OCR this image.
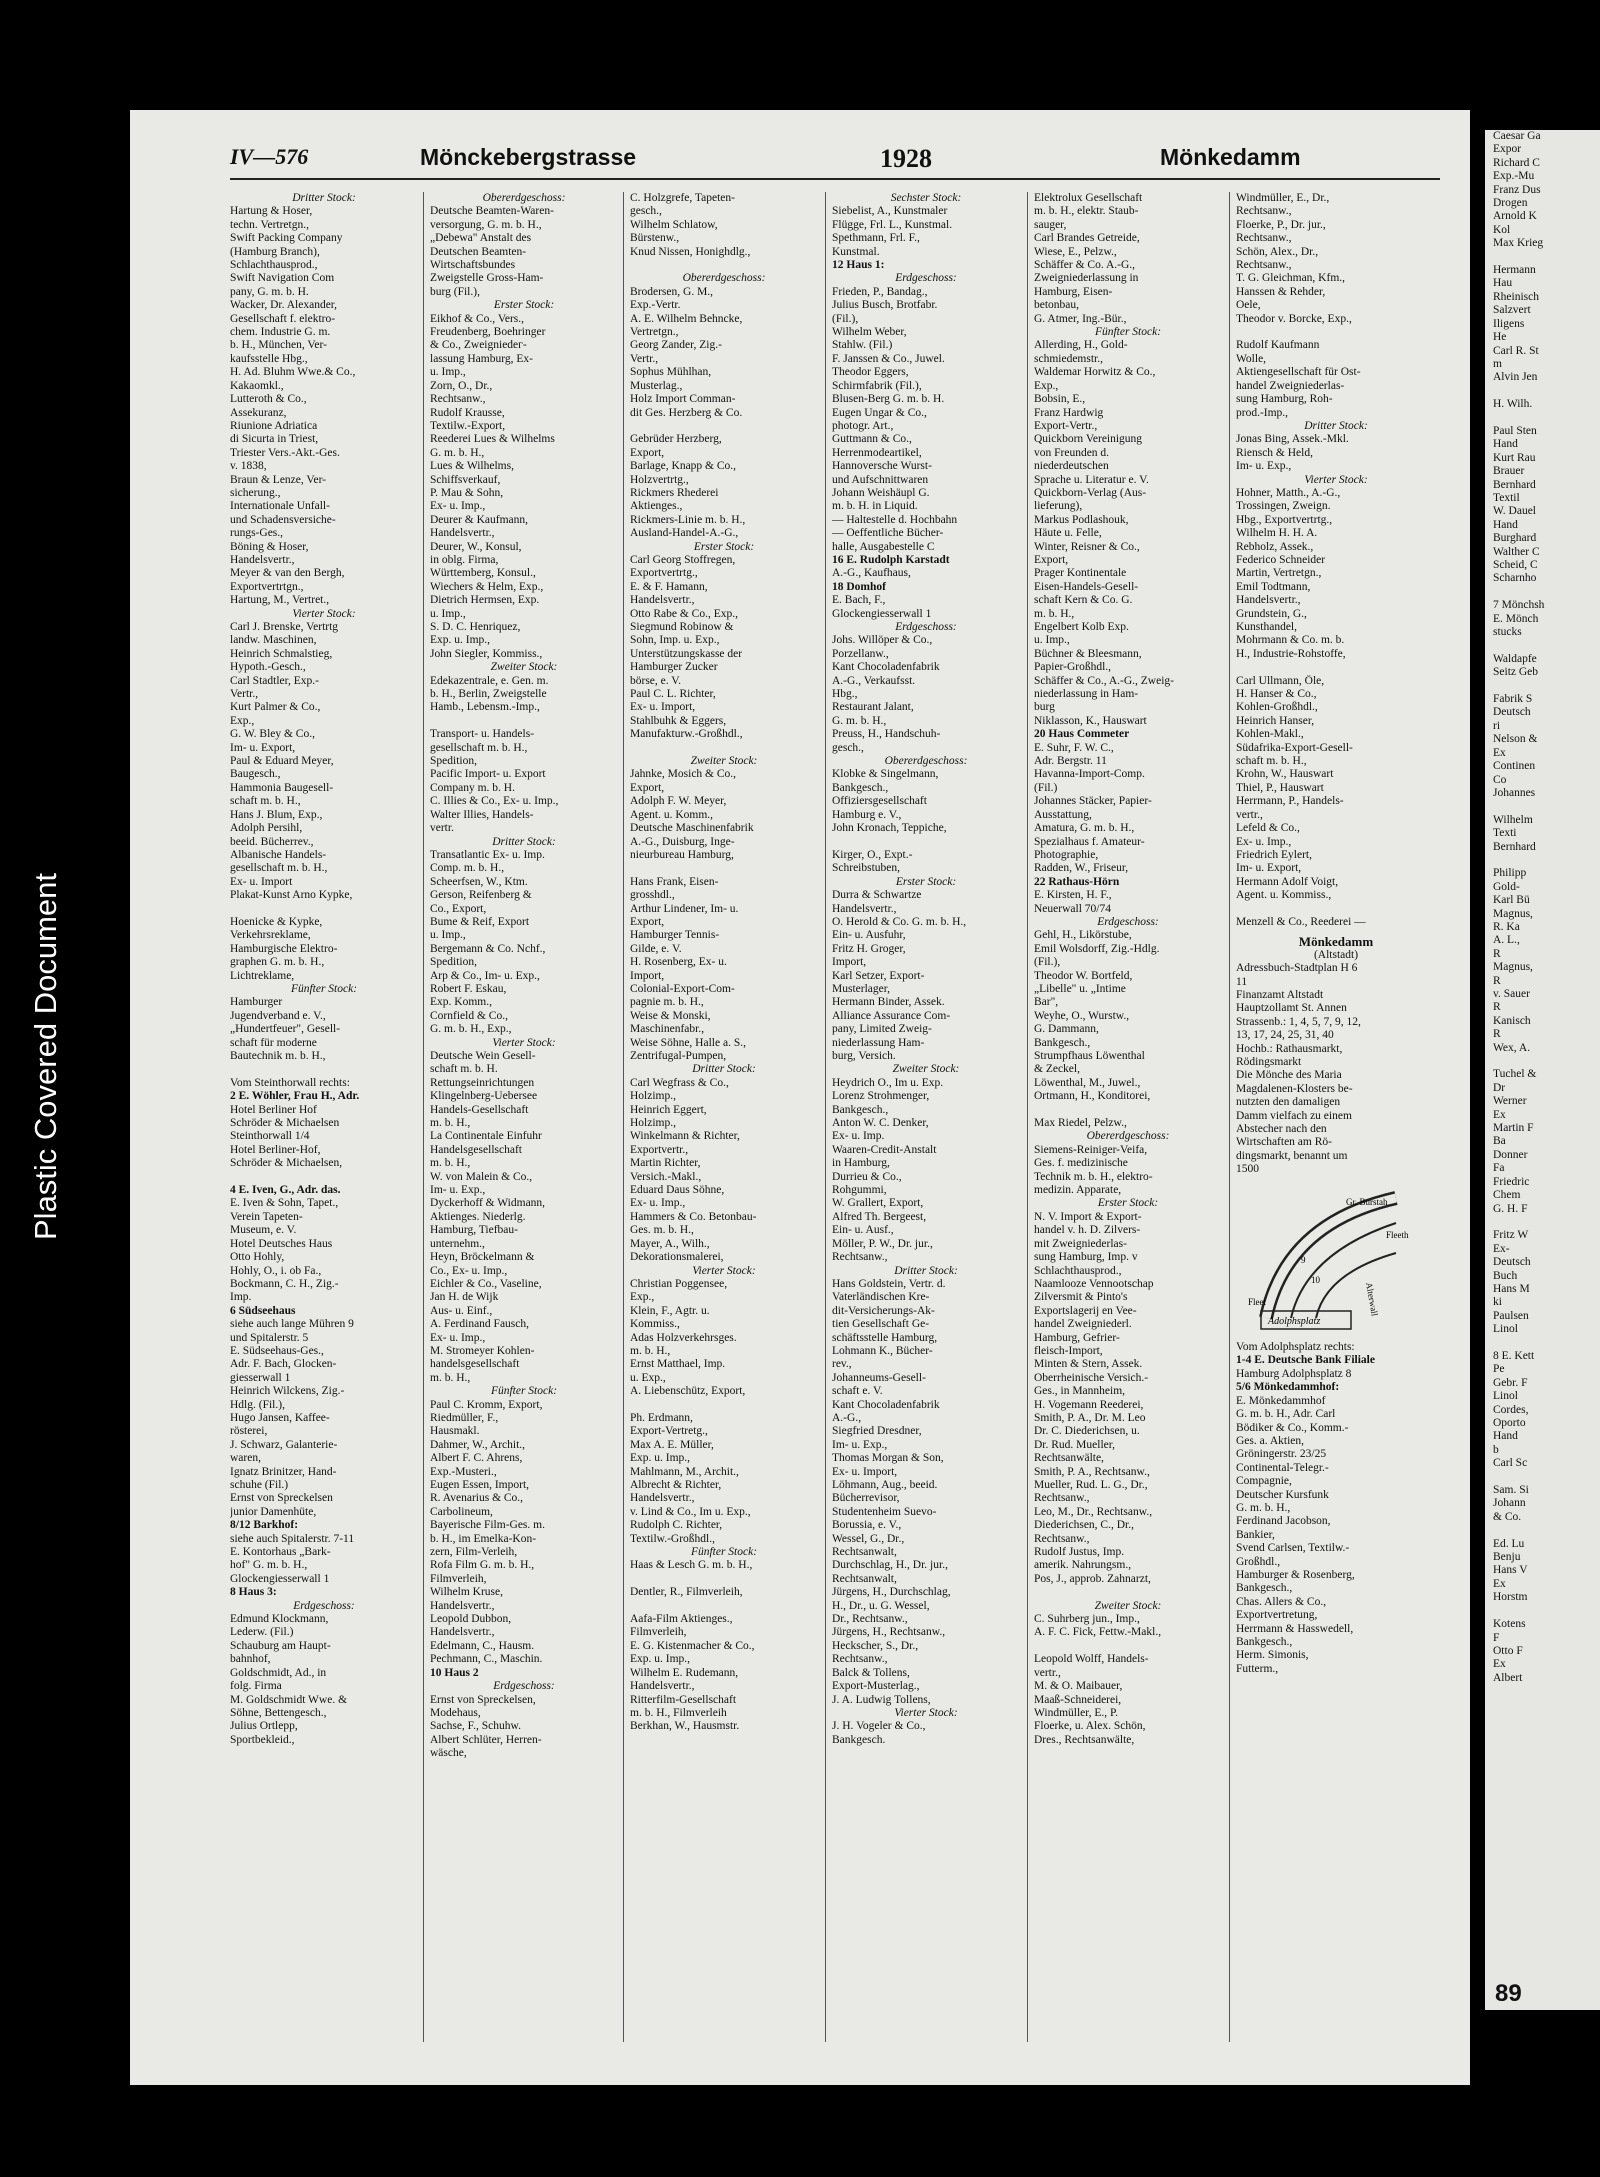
Plastic Covered Document
IV—576	Mönckebergstrasse	1928	Mönkedamm
Dritter Stock:
Hartung & Hoser,
techn. Vertretgn.,
Swift Packing Company
(Hamburg Branch),
Schlachthausprod.,
Swift Navigation Com
pany, G. m. b. H.
Wacker, Dr. Alexander,
Gesellschaft f. elektro-
chem. Industrie G. m.
b. H., München, Ver-
kaufsstelle Hbg.,
H. Ad. Bluhm Wwe.& Co.,
Kakaomkl.,
Lutteroth & Co.,
Assekuranz,
Riunione Adriatica
di Sicurta in Triest,
Triester Vers.-Akt.-Ges.
v. 1838,
Braun & Lenze, Ver-
sicherung.,
Internationale Unfall-
und Schadensversiche-
rungs-Ges.,
Böning & Hoser,
Handelsvertr.,
Meyer & van den Bergh,
Exportvertrtgn.,
Hartung, M., Vertret.,
Vierter Stock:
Carl J. Brenske, Vertrtg
landw. Maschinen,
Heinrich Schmalstieg,
Hypoth.-Gesch.,
Carl Stadtler, Exp.-
Vertr.,
Kurt Palmer & Co.,
Exp.,
G. W. Bley & Co.,
Im- u. Export,
Paul & Eduard Meyer,
Baugesch.,
Hammonia Baugesell-
schaft m. b. H.,
Hans J. Blum, Exp.,
Adolph Persihl,
beeid. Bücherrev.,
Albanische Handels-
gesellschaft m. b. H.,
Ex- u. Import
Plakat-Kunst Arno Kypke,

Hoenicke & Kypke,
Verkehrsreklame,
Hamburgische Elektro-
graphen G. m. b. H.,
Lichtreklame,
Fünfter Stock:
Hamburger
Jugendverband e. V.,
„Hundertfeuer", Gesell-
schaft für moderne
Bautechnik m. b. H.,

Vom Steinthorwall rechts:
2 E. Wöhler, Frau H., Adr.
Hotel Berliner Hof
Schröder & Michaelsen
Steinthorwall 1/4
Hotel Berliner-Hof,
Schröder & Michaelsen,

4 E. Iven, G., Adr. das.
E. Iven & Sohn, Tapet.,
Verein Tapeten-
Museum, e. V.
Hotel Deutsches Haus
Otto Hohly,
Hohly, O., i. ob Fa.,
Bockmann, C. H., Zig.-
Imp.
6 Südseehaus
siehe auch lange Mühren 9
und Spitalerstr. 5
E. Südseehaus-Ges.,
Adr. F. Bach, Glocken-
giesserwall 1
Heinrich Wilckens, Zig.-
Hdlg. (Fil.),
Hugo Jansen, Kaffee-
rösterei,
J. Schwarz, Galanterie-
waren,
Ignatz Brinitzer, Hand-
schuhe (Fil.)
Ernst von Spreckelsen
junior Damenhüte,
8/12 Barkhof:
siehe auch Spitalerstr. 7-11
E. Kontorhaus „Bark-
hof" G. m. b. H.,
Glockengiesserwall 1
8 Haus 3:
Erdgeschoss:
Edmund Klockmann,
Lederw. (Fil.)
Schauburg am Haupt-
bahnhof,
Goldschmidt, Ad., in
folg. Firma
M. Goldschmidt Wwe. &
Söhne, Bettengesch.,
Julius Ortlepp,
Sportbekleid.,
Obererdgeschoss:
Deutsche Beamten-Waren-
versorgung, G. m. b. H.,
„Debewa" Anstalt des
Deutschen Beamten-
Wirtschaftsbundes
Zweigstelle Gross-Ham-
burg (Fil.),
Erster Stock:
Eikhof & Co., Vers.,
Freudenberg, Boehringer
& Co., Zweigniedег-
lassung Hamburg, Ex-
u. Imp.,
Zorn, O., Dr.,
Rechtsanw.,
Rudolf Krausse,
Textilw.-Export,
Reederei Lues & Wilhelms
G. m. b. H.,
Lues & Wilhelms,
Schiffsverkauf,
P. Mau & Sohn,
Ex- u. Imp.,
Deurer & Kaufmann,
Handelsvertr.,
Deurer, W., Konsul,
in oblg. Firma,
Württemberg, Konsul.,
Wiechers & Helm, Exp.,
Dietrich Hermsen, Exp.
u. Imp.,
S. D. C. Henriquez,
Exp. u. Imp.,
John Siegler, Kommiss.,
Zweiter Stock:
Edekazentrale, e. Gen. m.
b. H., Berlin, Zweigstelle
Hamb., Lebensm.-Imp.,

Transport- u. Handels-
gesellschaft m. b. H.,
Spedition,
Pacific Import- u. Export
Company m. b. H.
C. Illies & Co., Ex- u. Imp.,
Walter Illies, Handels-
vertr.
Dritter Stock:
Transatlantic Ex- u. Imp.
Comp. m. b. H.,
Scheerfsen, W., Ktm.
Gerson, Reifenberg &
Co., Export,
Bume & Reif, Export
u. Imp.,
Bergemann & Co. Nchf.,
Spedition,
Arp & Co., Im- u. Exp.,
Robert F. Eskau,
Exp. Komm.,
Cornfield & Co.,
G. m. b. H., Exp.,
Vierter Stock:
Deutsche Wein Gesell-
schaft m. b. H.
Rettungseinrichtungen
Klingelnberg-Uebersee
Handels-Gesellschaft
m. b. H.,
La Continentale Einfuhr
Handelsgesellschaft
m. b. H.,
W. von Malein & Co.,
Im- u. Exp.,
Dyckerhoff & Widmann,
Aktienges. Niederlg.
Hamburg, Tiefbau-
unternehm.,
Heyn, Bröckelmann &
Co., Ex- u. Imp.,
Eichler & Co., Vaseline,
Jan H. de Wijk
Aus- u. Einf.,
A. Ferdinand Fausch,
Ex- u. Imp.,
M. Stromeyer Kohlen-
handelsgesellschaft
m. b. H.,
Fünfter Stock:
Paul C. Kromm, Export,
Riedmüller, F.,
Hausmakl.
Dahmer, W., Archit.,
Albert F. C. Ahrens,
Exp.-Musteri.,
Eugen Essen, Import,
R. Avenarius & Co.,
Carbolineum,
Bayerische Film-Ges. m.
b. H., im Emelka-Kon-
zern, Film-Verleih,
Rofa Film G. m. b. H.,
Filmverleih,
Wilhelm Kruse,
Handelsvertr.,
Leopold Dubbon,
Handelsvertr.,
Edelmann, C., Hausm.
Pechmann, C., Maschin.
10 Haus 2
Erdgeschoss:
Ernst von Spreckelsen,
Modehaus,
Sachse, F., Schuhw.
Albert Schlüter, Herren-
wäsche,
C. Holzgrefe, Tapeten-
gesch.,
Wilhelm Schlatow,
Bürstenw.,
Knud Nissen, Honighdlg.,

Obererdgeschoss:
Brodersen, G. M.,
Exp.-Vertr.
A. E. Wilhelm Behncke,
Vertretgn.,
Georg Zander, Zig.-
Vertr.,
Sophus Mühlhan,
Musterlag.,
Holz Import Comman-
dit Ges. Herzberg & Co.

Gebrüder Herzberg,
Export,
Barlage, Knapp & Co.,
Holzvertrtg.,
Rickmers Rhederei
Aktienges.,
Rickmers-Linie m. b. H.,
Ausland-Handel-A.-G.,
Erster Stock:
Carl Georg Stoffregen,
Exportvertrtg.,
E. & F. Hamann,
Handelsvertr.,
Otto Rabe & Co., Exp.,
Siegmund Robinow &
Sohn, Imp. u. Exp.,
Unterstützungskasse der
Hamburger Zucker
börse, e. V.
Paul C. L. Richter,
Ex- u. Import,
Stahlbuhk & Eggers,
Manufakturw.-Großhdl.,

Zweiter Stock:
Jahnke, Mosich & Co.,
Export,
Adolph F. W. Meyer,
Agent. u. Komm.,
Deutsche Maschinenfabrik
A.-G., Duisburg, Inge-
nieurbureau Hamburg,

Hans Frank, Eisen-
grosshdl.,
Arthur Lindener, Im- u.
Export,
Hamburger Tennis-
Gilde, e. V.
H. Rosenberg, Ex- u.
Import,
Colonial-Export-Com-
pagnie m. b. H.,
Weise & Monski,
Maschinenfabr.,
Weise Söhne, Halle a. S.,
Zentrifugal-Pumpen,
Dritter Stock:
Carl Wegfrass & Co.,
Holzimp.,
Heinrich Eggert,
Holzimp.,
Winkelmann & Richter,
Exportvertr.,
Martin Richter,
Versich.-Makl.,
Eduard Daus Söhne,
Ex- u. Imp.,
Hammers & Co. Betonbau-
Ges. m. b. H.,
Mayer, A., Wilh.,
Dekorationsmalerei,
Vierter Stock:
Christian Poggensee,
Exp.,
Klein, F., Agtr. u.
Kommiss.,
Adas Holzverkehrsges.
m. b. H.,
Ernst Matthael, Imp.
u. Exp.,
A. Liebenschütz, Export,

Ph. Erdmann,
Export-Vertretg.,
Max A. E. Müller,
Exp. u. Imp.,
Mahlmann, M., Archit.,
Albrecht & Richter,
Handelsvertr.,
v. Lind & Co., Im u. Exp.,
Rudolph C. Richter,
Textilw.-Großhdl.,
Fünfter Stock:
Haas & Lesch G. m. b. H.,

Dentler, R., Filmverleih,

Aafa-Film Aktienges.,
Filmverleih,
E. G. Kistenmacher & Co.,
Exp. u. Imp.,
Wilhelm E. Rudemann,
Handelsvertr.,
Ritterfilm-Gesellschaft
m. b. H., Filmverleih
Berkhan, W., Hausmstr.
Sechster Stock:
Siebelist, A., Kunstmaler
Flügge, Frl. L., Kunstmal.
Spethmann, Frl. F.,
Kunstmal.
12 Haus 1:
Erdgeschoss:
Frieden, P., Bandag.,
Julius Busch, Brotfabr.
(Fil.),
Wilhelm Weber,
Stahlw. (Fil.)
F. Janssen & Co., Juwel.
Theodor Eggers,
Schirmfabrik (Fil.),
Blusen-Berg G. m. b. H.
Eugen Ungar & Co.,
photogr. Art.,
Guttmann & Co.,
Herrenmodeartikel,
Hannoversche Wurst-
und Aufschnittwaren
Johann Weishäupl G.
m. b. H. in Liquid.
— Haltestelle d. Hochbahn
— Oeffentliche Bücher-
halle, Ausgabestelle C
16 E. Rudolph Karstadt
A.-G., Kaufhaus,
18 Domhof
E. Bach, F.,
Glockengiesserwall 1
Erdgeschoss:
Johs. Willöper & Co.,
Porzellanw.,
Kant Chocoladenfabrik
A.-G., Verkaufsst.
Hbg.,
Restaurant Jalant,
G. m. b. H.,
Preuss, H., Handschuh-
gesch.,
Obererdgeschoss:
Klobke & Singelmann,
Bankgesch.,
Offiziersgesellschaft
Hamburg e. V.,
John Kronach, Teppiche,

Kirger, O., Expt.-
Schreibstuben,
Erster Stock:
Durra & Schwartze
Handelsvertr.,
O. Herold & Co. G. m. b. H.,
Ein- u. Ausfuhr,
Fritz H. Groger,
Import,
Karl Setzer, Export-
Musterlager,
Hermann Binder, Assek.
Alliance Assurance Com-
pany, Limited Zweig-
niederlassung Ham-
burg, Versich.
Zweiter Stock:
Heydrich O., Im u. Exp.
Lorenz Strohmenger,
Bankgesch.,
Anton W. C. Denker,
Ex- u. Imp.
Waaren-Credit-Anstalt
in Hamburg,
Durrieu & Co.,
Rohgummi,
W. Grallert, Export,
Alfred Th. Bergeest,
Ein- u. Ausf.,
Möller, P. W., Dr. jur.,
Rechtsanw.,
Dritter Stock:
Hans Goldstein, Vertr. d.
Vaterländischen Kre-
dit-Versicherungs-Ak-
tien Gesellschaft Ge-
schäftsstelle Hamburg,
Lohmann K., Bücher-
rev.,
Johanneums-Gesell-
schaft e. V.
Kant Chocoladenfabrik
A.-G.,
Siegfried Dresdner,
Im- u. Exp.,
Thomas Morgan & Son,
Ex- u. Import,
Löhmann, Aug., beeid.
Bücherrevisor,
Studentenheim Suevo-
Borussia, e. V.,
Wessel, G., Dr.,
Rechtsanwalt,
Durchschlag, H., Dr. jur.,
Rechtsanwalt,
Jürgens, H., Durchschlag,
H., Dr., u. G. Wessel,
Dr., Rechtsanw.,
Jürgens, H., Rechtsanw.,
Heckscher, S., Dr.,
Rechtsanw.,
Balck & Tollens,
Export-Musterlag.,
J. A. Ludwig Tollens,
Vierter Stock:
J. H. Vogeler & Co.,
Bankgesch.
Elektrolux Gesellschaft
m. b. H., elektr. Staub-
sauger,
Carl Brandes Getreide,
Wiese, E., Pelzw.,
Schäffer & Co. A.-G.,
Zweigniederlassung in
Hamburg, Eisen-
betonbau,
G. Atmer, Ing.-Bür.,
Fünfter Stock:
Allerding, H., Gold-
schmiedemstr.,
Waldemar Horwitz & Co.,
Exp.,
Bobsin, E.,
Franz Hardwig
Export-Vertr.,
Quickborn Vereinigung
von Freunden d.
niederdeutschen
Sprache u. Literatur e. V.
Quickborn-Verlag (Aus-
lieferung),
Markus Podlashouk,
Häute u. Felle,
Winter, Reisner & Co.,
Export,
Prager Kontinentale
Eisen-Handels-Gesell-
schaft Kern & Co. G.
m. b. H.,
Engelbert Kolb Exp.
u. Imp.,
Büchner & Bleesmann,
Papier-Großhdl.,
Schäffer & Co., A.-G., Zweig-
niederlassung in Ham-
burg
Niklasson, K., Hauswart
20 Haus Commeter
E. Suhr, F. W. C.,
Adr. Bergstr. 11
Havanna-Import-Comp.
(Fil.)
Johannes Stäcker, Papier-
Ausstattung,
Amatura, G. m. b. H.,
Spezialhaus f. Amateur-
Photographie,
Radden, W., Friseur,
22 Rathaus-Hörn
E. Kirsten, H. F.,
Neuerwall 70/74
Erdgeschoss:
Gehl, H., Likörstube,
Emil Wolsdorff, Zig.-Hdlg.
(Fil.),
Theodor W. Bortfeld,
„Libelle" u. „Intime
Bar",
Weyhe, O., Wurstw.,
G. Dammann,
Bankgesch.,
Strumpfhaus Löwenthal
& Zeckel,
Löwenthal, M., Juwel.,
Ortmann, H., Konditorei,

Max Riedel, Pelzw.,
Obererdgeschoss:
Siemens-Reiniger-Veifa,
Ges. f. medizinische
Technik m. b. H., elektro-
medizin. Apparate,
Erster Stock:
N. V. Import & Export-
handel v. h. D. Zilvers-
mit Zweigniederlas-
sung Hamburg, Imp. v
Schlachthausprod.,
Naamlooze Vennootschap
Zilversmit & Pinto's
Exportslagerij en Vee-
handel Zweigniederl.
Hamburg, Gefrier-
fleisch-Import,
Minten & Stern, Assek.
Oberrheinische Versich.-
Ges., in Mannheim,
H. Vogemann Reederei,
Smith, P. A., Dr. M. Leo
Dr. C. Diederichsen, u.
Dr. Rud. Mueller,
Rechtsanwälte,
Smith, P. A., Rechtsanw.,
Mueller, Rud. L. G., Dr.,
Rechtsanw.,
Leo, M., Dr., Rechtsanw.,
Diederichsen, C., Dr.,
Rechtsanw.,
Rudolf Justus, Imp.
amerik. Nahrungsm.,
Pos, J., approb. Zahnarzt,

Zweiter Stock:
C. Suhrberg jun., Imp.,
A. F. C. Fick, Fettw.-Makl.,

Leopold Wolff, Handels-
vertr.,
M. & O. Maibauer,
Maaß-Schneiderei,
Windmüller, E., P.
Floerke, u. Alex. Schön,
Dres., Rechtsanwälte,
Windmüller, E., Dr.,
Rechtsanw.,
Floerke, P., Dr. jur.,
Rechtsanw.,
Schön, Alex., Dr.,
Rechtsanw.,
T. G. Gleichman, Kfm.,
Hanssen & Rehder,
Oele,
Theodor v. Borcke, Exp.,

Rudolf Kaufmann
Wolle,
Aktiengesellschaft für Ost-
handel Zweigniederlas-
sung Hamburg, Roh-
prod.-Imp.,
Dritter Stock:
Jonas Bing, Assek.-Mkl.
Riensch & Held,
Im- u. Exp.,
Vierter Stock:
Hohner, Matth., A.-G.,
Trossingen, Zweign.
Hbg., Exportvertrtg.,
Wilhelm H. H. A.
Rebholz, Assek.,
Federico Schneider
Martin, Vertretgn.,
Emil Todtmann,
Handelsvertr.,
Grundstein, G.,
Kunsthandel,
Mohrmann & Co. m. b.
H., Industrie-Rohstoffe,

Carl Ullmann, Öle,
H. Hanser & Co.,
Kohlen-Großhdl.,
Heinrich Hanser,
Kohlen-Makl.,
Südafrika-Export-Gesell-
schaft m. b. H.,
Krohn, W., Hauswart
Thiel, P., Hauswart
Herrmann, P., Handels-
vertr.,
Lefeld & Co.,
Ex- u. Imp.,
Friedrich Eylert,
Im- u. Export,
Hermann Adolf Voigt,
Agent. u. Kommiss.,

Menzell & Co., Reederei —
Mönkedamm
(Altstadt)
Adressbuch-Stadtplan H 6
11
Finanzamt Altstadt
Hauptzollamt St. Annen
Strassenb.: 1, 4, 5, 7, 9, 12,
13, 17, 24, 25, 31, 40
Hochb.: Rathausmarkt,
Rödingsmarkt
Die Mönche des Maria
Magdalenen-Klosters be-
nutzten den damaligen
Damm vielfach zu einem
Abstecher nach den
Wirtschaften am Rö-
dingsmarkt, benannt um
1500
Gr. Burstah
Fleeth
Alterwall
Fleet
Adolphsplatz
9
10
Vom Adolphsplatz rechts:
1-4 E. Deutsche Bank Filiale
Hamburg Adolphsplatz 8
5/6 Mönkedammhof:
E. Mönkedammhof
G. m. b. H., Adr. Carl
Bödiker & Co., Komm.-
Ges. a. Aktien,
Gröningerstr. 23/25
Continental-Telegr.-
Compagnie,
Deutscher Kursfunk
G. m. b. H.,
Ferdinand Jacobson,
Bankier,
Svend Carlsen, Textilw.-
Großhdl.,
Hamburger & Rosenberg,
Bankgesch.,
Chas. Allers & Co.,
Exportvertretung,
Herrmann & Hasswedell,
Bankgesch.,
Herm. Simonis,
Futterm.,
Caesar Ga
Expor
Richard C
Exp.-Mu
Franz Dus
Drogen
Arnold K
Kol
Max Krieg

Hermann
Hau
Rheinisch
Salzvert
Iligens
He
Carl R. St
m
Alvin Jen

H. Wilh.

Paul Sten
Hand
Kurt Rau
Brauer
Bernhard
Textil
W. Dauel
Hand
Burghard
Walther C
Scheid, C
Scharnho

7 Mönchsh
E. Mönch
stucks

Waldapfe
Seitz Geb

Fabrik S
Deutsch
ri
Nelson &
Ex
Continen
Co
Johannes

Wilhelm
Texti
Bernhard

Philipp
Gold-
Karl Bü
Magnus,
R. Ka
A. L.,
R
Magnus,
R
v. Sauer
R
Kanisch
R
Wex, A.

Tuchel &
Dr
Werner
Ex
Martin F
Ba
Donner
Fa
Friedric
Chem
G. H. F

Fritz W
Ex-
Deutsch
Buch
Hans M
ki
Paulsen
Linol

8 E. Kett
Pe
Gebr. F
Linol
Cordes,
Oporto
Hand
b
Carl Sc

Sam. Si
Johann
& Co.

Ed. Lu
Benju
Hans V
Ex
Horstm

Kotens
F
Otto F
Ex
Albert
89
